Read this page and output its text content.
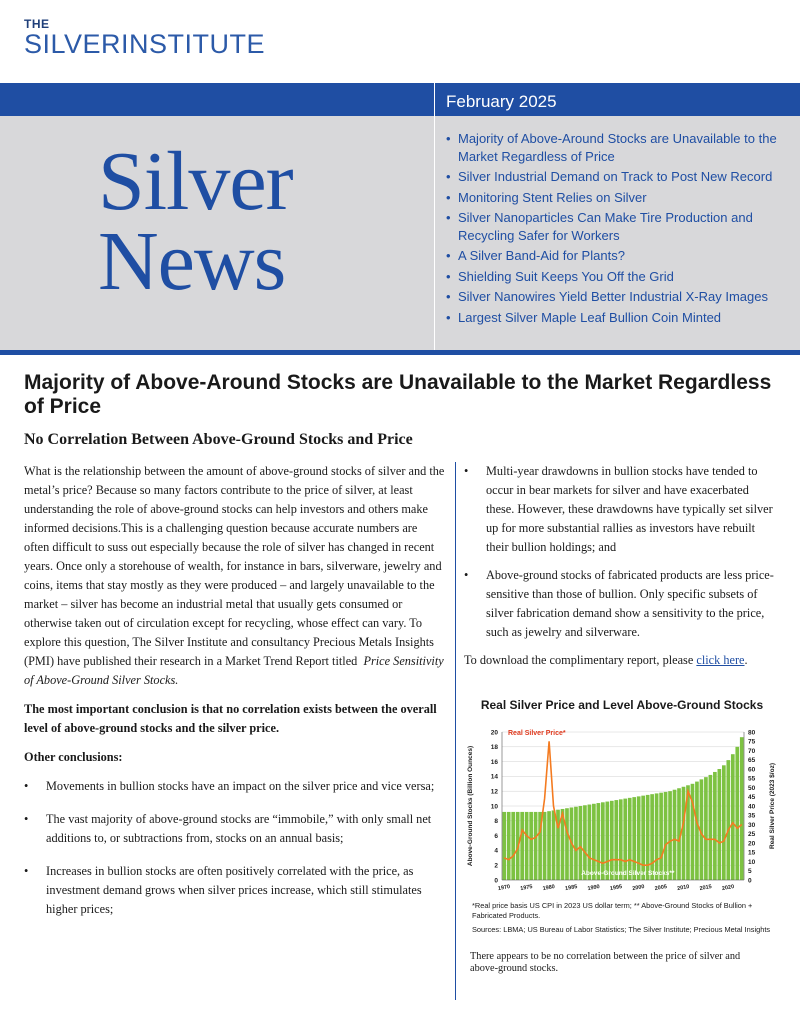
THE
SILVERINSTITUTE
February 2025
Silver
News
• Majority of Above-Around Stocks are Unavailable to the Market Regardless of Price
• Silver Industrial Demand on Track to Post New Record
• Monitoring Stent Relies on Silver
• Silver Nanoparticles Can Make Tire Production and Recycling Safer for Workers
• A Silver Band-Aid for Plants?
• Shielding Suit Keeps You Off the Grid
• Silver Nanowires Yield Better Industrial X-Ray Images
• Largest Silver Maple Leaf Bullion Coin Minted
Majority of Above-Around Stocks are Unavailable to the Market Regardless of Price
No Correlation Between Above-Ground Stocks and Price

What is the relationship between the amount of above-ground stocks of silver and the metal’s price? Because so many factors contribute to the price of silver, at least understanding the role of above-ground stocks can help investors and others make informed decisions.This is a challenging question because accurate numbers are often difficult to suss out especially because the role of silver has changed in recent years. Once only a storehouse of wealth, for instance in bars, silverware, jewelry and coins, items that stay mostly as they were produced – and largely unavailable to the market – silver has become an industrial metal that usually gets consumed or otherwise taken out of circulation except for recycling, whose effect can vary. To explore this question, The Silver Institute and consultancy Precious Metals Insights (PMI) have published their research in a Market Trend Report titled Price Sensitivity of Above-Ground Silver Stocks.

The most important conclusion is that no correlation exists between the overall level of above-ground stocks and the silver price.

Other conclusions:

• Movements in bullion stocks have an impact on the silver price and vice versa;
• The vast majority of above-ground stocks are “immobile,” with only small net additions to, or subtractions from, stocks on an annual basis;
• Increases in bullion stocks are often positively correlated with the price, as investment demand grows when silver prices increase, which still stimulates higher prices;
• Multi-year drawdowns in bullion stocks have tended to occur in bear markets for silver and have exacerbated these. However, these drawdowns have typically set silver up for more substantial rallies as investors have rebuilt their bullion holdings; and
• Above-ground stocks of fabricated products are less price-sensitive than those of bullion. Only specific subsets of silver fabrication demand show a sensitivity to the price, such as jewelry and silverware.

To download the complimentary report, please click here.

Real Silver Price and Level Above-Ground Stocks
0
2
4
6
8
10
12
14
16
18
20
0
5
10
15
20
25
30
35
40
45
50
55
60
65
70
75
80
1970 1975 1980 1985 1990 1995 2000 2005 2010 2015 2020
Above-Ground Stocks (Billion Ounces)	Real Silver Price (2023 $/oz)
Real Silver Price*
Above-Ground Silver Stocks**
*Real price basis US CPI in 2023 US dollar term; ** Above-Ground Stocks of Bullion + Fabricated Products.
Sources: LBMA; US Bureau of Labor Statistics; The Silver Institute; Precious Metal Insights
There appears to be no correlation between the price of silver and above-ground stocks.
